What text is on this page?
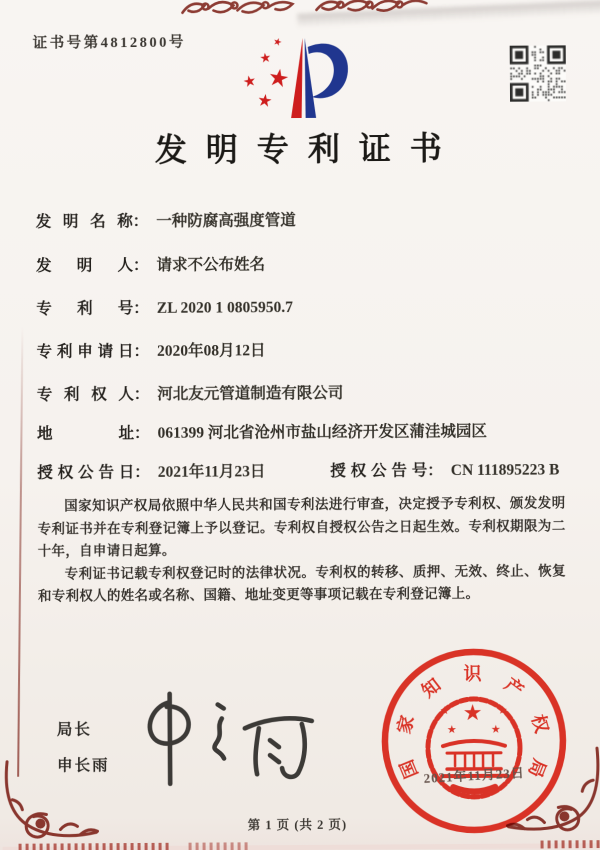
证书号第4812800号	★
★
★
★
★
发明专利证书
发 明 名 称 ： 一种防腐高强度管道
发 明 人 ： 请求不公布姓名
专 利 号 ： ZL 2020 1 0805950.7
专 利 申 请 日 ： 2020年08月12日
专 利 权 人 ： 河北友元管道制造有限公司
地	址 ： 061399 河北省沧州市盐山经济开发区蒲洼城园区
授 权 公 告 日 ： 2021年11月23日	授 权 公 告 号 ： CN 111895223 B

国家知识产权局依照中华人民共和国专利法进行审查，决定授予专利权、颁发发明专利证书并在专利登记簿上予以登记。专利权自授权公告之日起生效。专利权期限为二十年，自申请日起算。

专利证书记载专利权登记时的法律状况。专利权的转移、质押、无效、终止、恢复和专利权人的姓名或名称、国籍、地址变更等事项记载在专利登记簿上。

局长
申长雨
★
★	★
★	★
国
家
知
识
产
权
局
2021年11月23日
第 1 页 (共 2 页)
